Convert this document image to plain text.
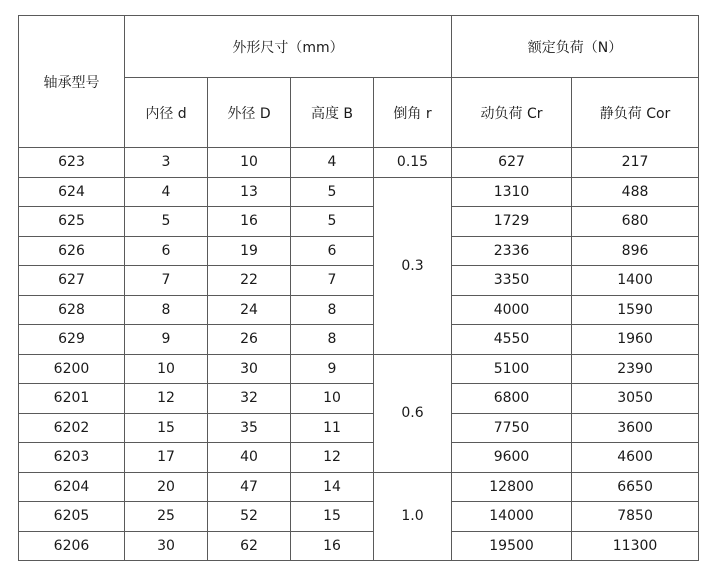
轴承型号	外形尺寸（mm）				额定负荷（N）	
	内径 d	外径 D	高度 B	倒角 r	动负荷 Cr	静负荷 Cor
623	3	10	4	0.15	627	217
624	4	13	5	0.3	1310	488
625	5	16	5		1729	680
626	6	19	6		2336	896
627	7	22	7		3350	1400
628	8	24	8		4000	1590
629	9	26	8		4550	1960
6200	10	30	9	0.6	5100	2390
6201	12	32	10		6800	3050
6202	15	35	11		7750	3600
6203	17	40	12		9600	4600
6204	20	47	14	1.0	12800	6650
6205	25	52	15		14000	7850
6206	30	62	16		19500	11300
